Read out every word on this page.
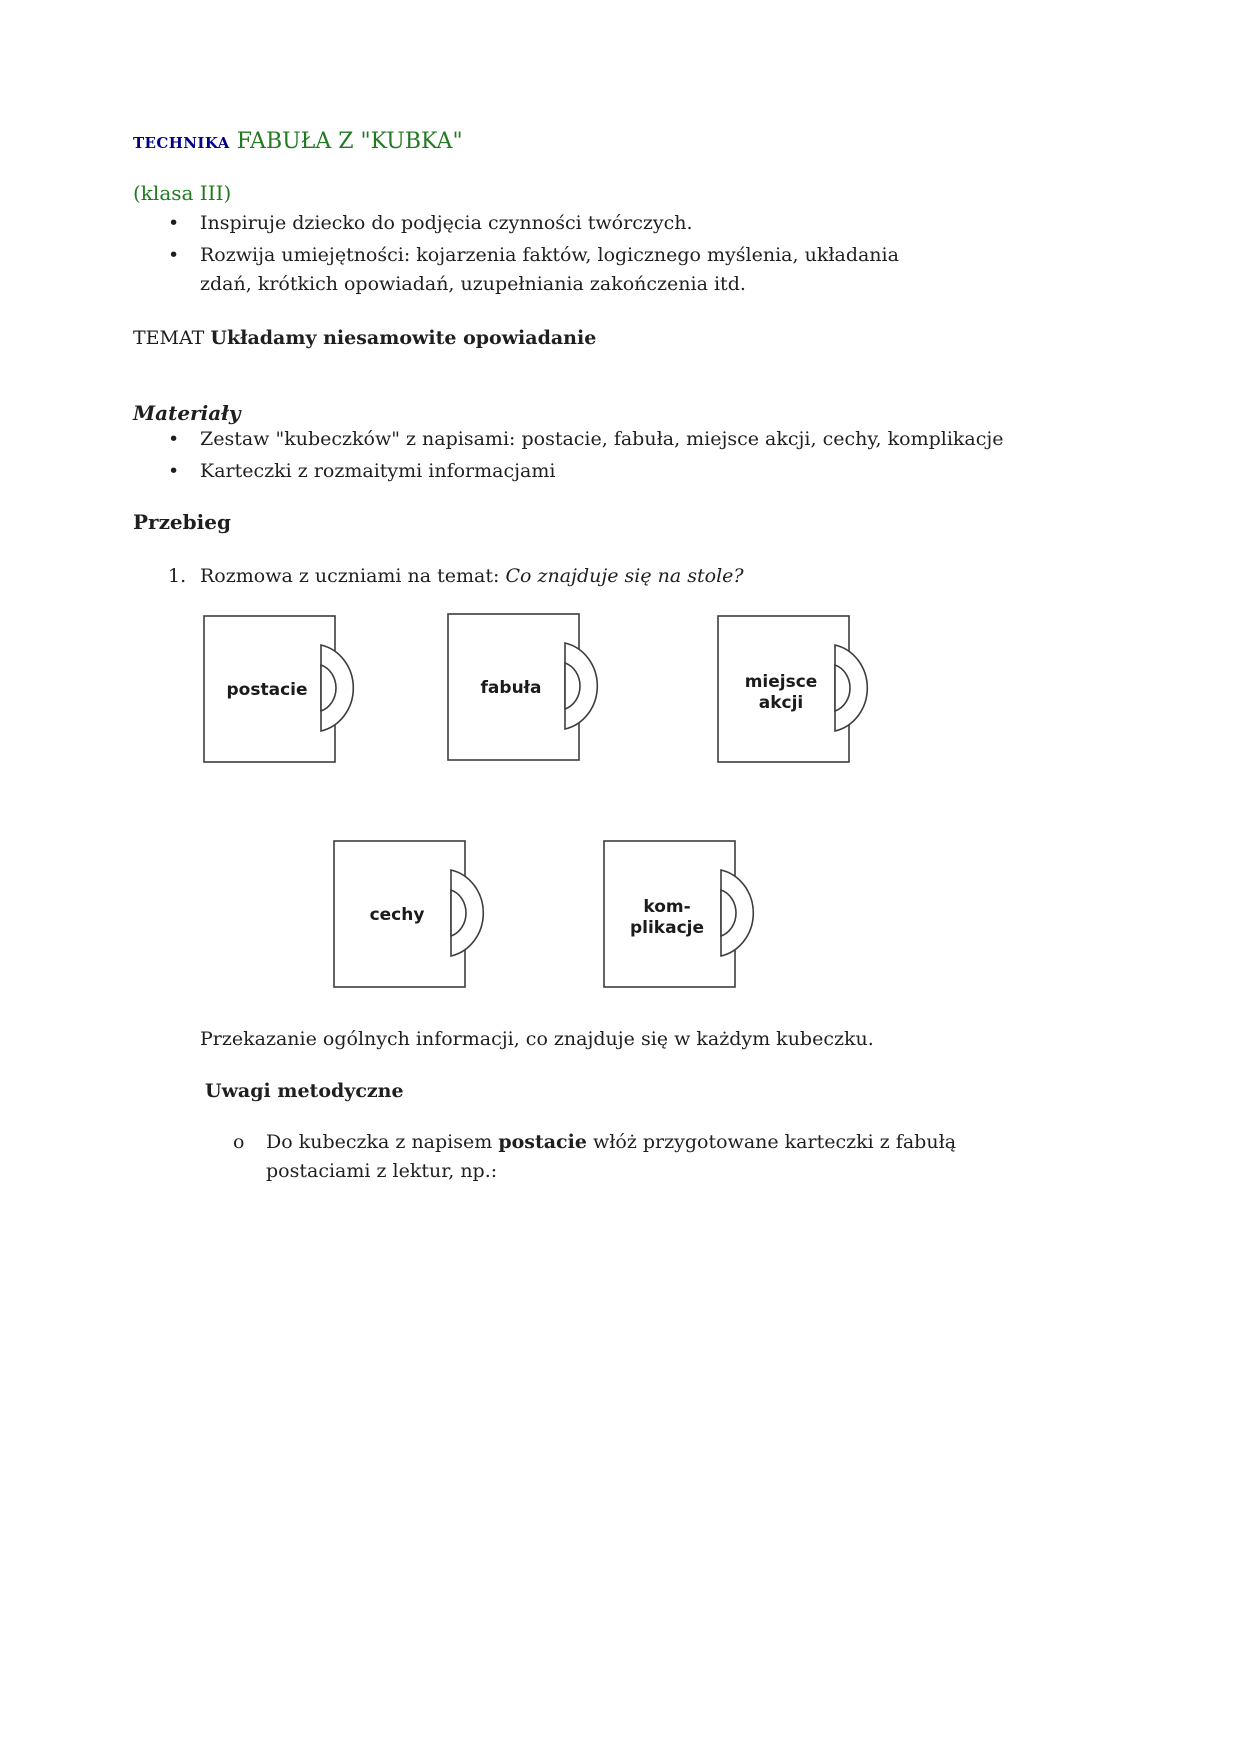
TECHNIKA FABUŁA Z "KUBKA"

(klasa III)

• Inspiruje dziecko do podjęcia czynności twórczych.
• Rozwija umiejętności: kojarzenia faktów, logicznego myślenia, układania zdań, krótkich opowiadań, uzupełniania zakończenia itd.

TEMAT Układamy niesamowite opowiadanie

Materiały
• Zestaw "kubeczków" z napisami: postacie, fabuła, miejsce akcji, cechy, komplikacje
• Karteczki z rozmaitymi informacjami
Przebieg
1. Rozmowa z uczniami na temat: Co znajduje się na stole?
postacie	fabuła	miejsce
akcji
cechy	kom-
plikacje

Przekazanie ogólnych informacji, co znajduje się w każdym kubeczku.

Uwagi metodyczne
o Do kubeczka z napisem postacie włóż przygotowane karteczki z fabułą postaciami z lektur, np.:
